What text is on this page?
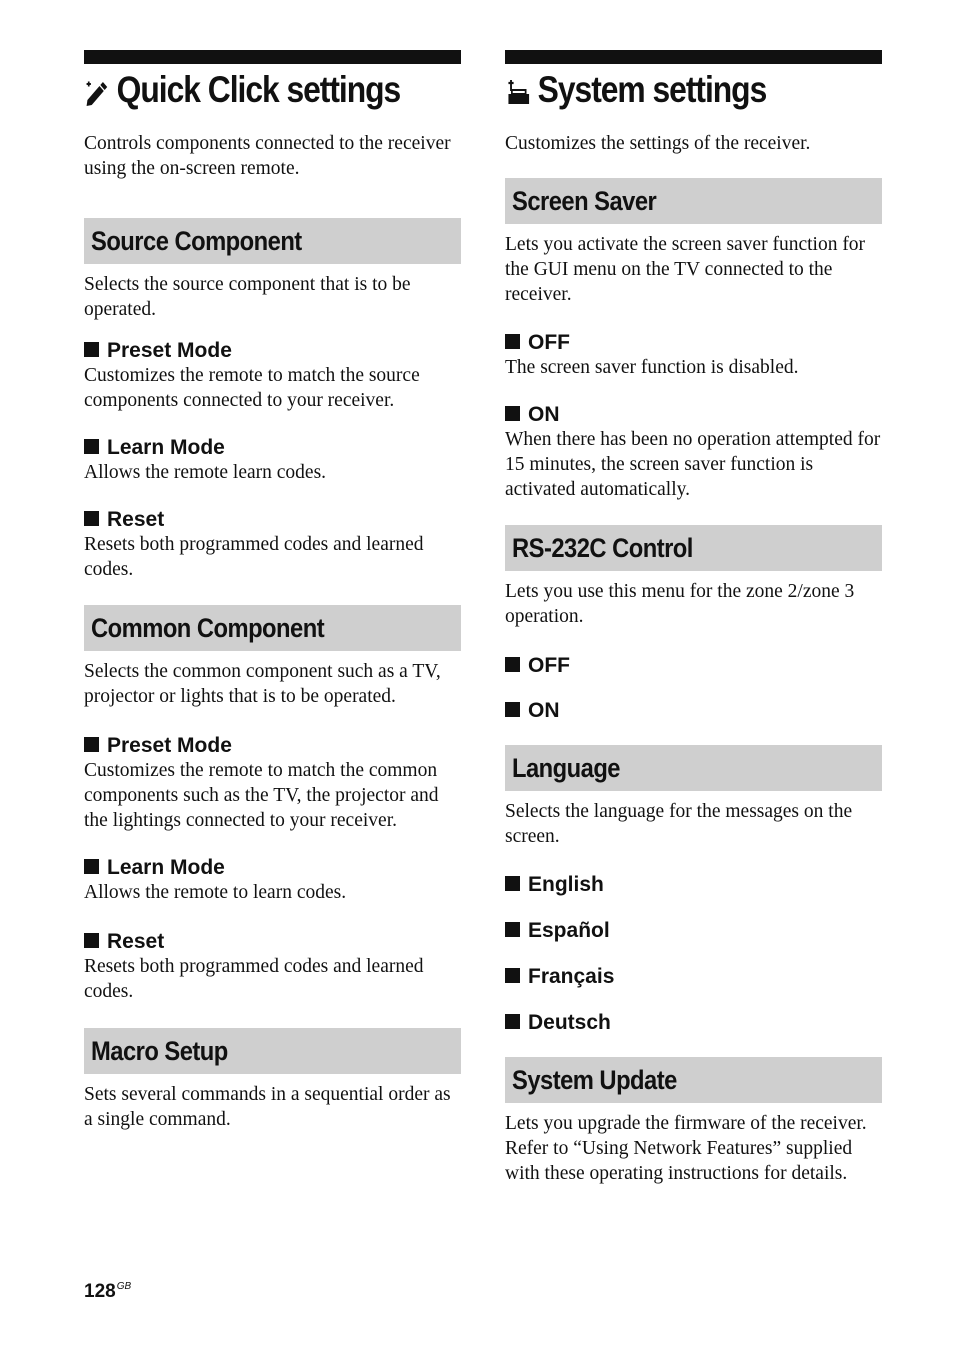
Quick Click settings

Controls components connected to the receiver using the on-screen remote.

Source Component

Selects the source component that is to be operated.

Preset Mode

Customizes the remote to match the source components connected to your receiver.

Learn Mode

Allows the remote learn codes.

Reset

Resets both programmed codes and learned codes.

Common Component

Selects the common component such as a TV, projector or lights that is to be operated.

Preset Mode

Customizes the remote to match the common components such as the TV, the projector and the lightings connected to your receiver.

Learn Mode

Allows the remote to learn codes.

Reset

Resets both programmed codes and learned codes.

Macro Setup

Sets several commands in a sequential order as a single command.

System settings

Customizes the settings of the receiver.

Screen Saver

Lets you activate the screen saver function for the GUI menu on the TV connected to the receiver.

OFF

The screen saver function is disabled.

ON

When there has been no operation attempted for 15 minutes, the screen saver function is activated automatically.

RS-232C Control

Lets you use this menu for the zone 2/zone 3 operation.

OFF

ON

Language

Selects the language for the messages on the screen.

English

Español

Français

Deutsch

System Update

Lets you upgrade the firmware of the receiver. Refer to “Using Network Features” supplied with these operating instructions for details.

$128^{GB}$
